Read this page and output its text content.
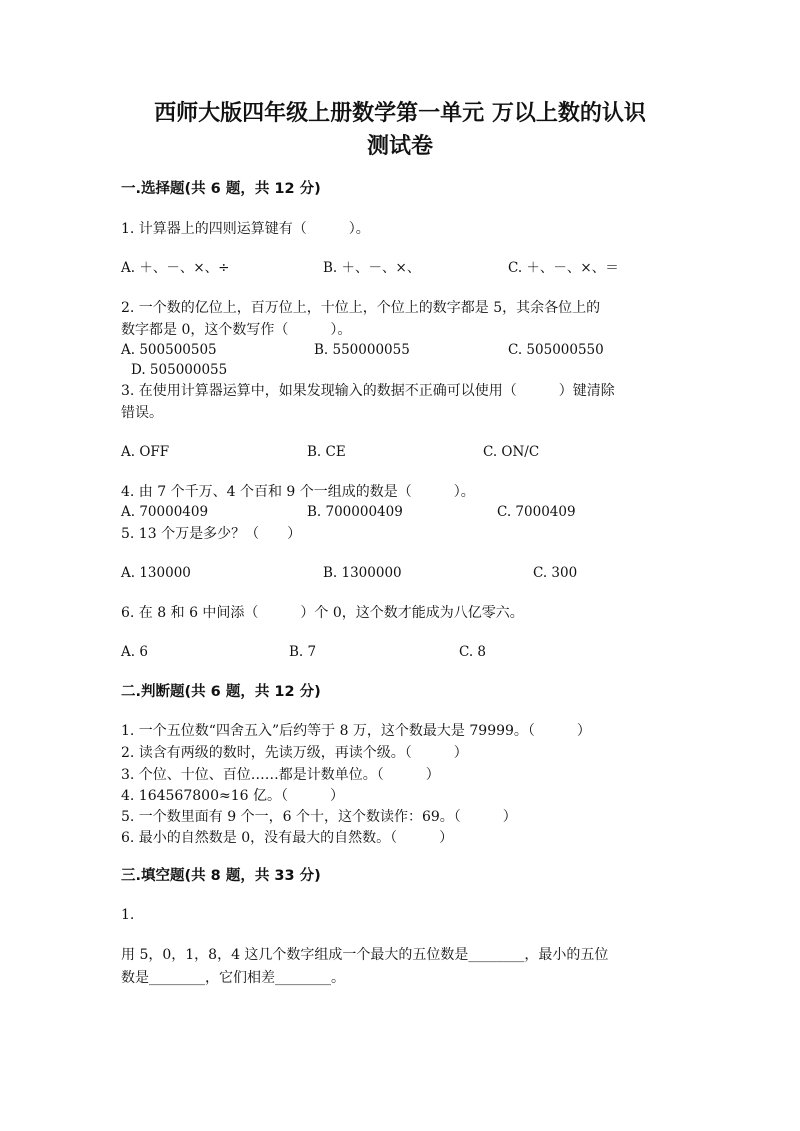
西师大版四年级上册数学第一单元 万以上数的认识
测试卷
一.选择题(共 6 题，共 12 分)
1. 计算器上的四则运算键有（　　　）。
A. ＋、－、×、÷	B. ＋、－、×、	C. ＋、－、×、＝
2. 一个数的亿位上，百万位上，十位上，个位上的数字都是 5，其余各位上的
数字都是 0，这个数写作（　　　）。
A. 500500505	B. 550000055	C. 505000550
D. 505000055
3. 在使用计算器运算中，如果发现输入的数据不正确可以使用（　　　）键清除
错误。
A. OFF	B. CE	C. ON/C
4. 由 7 个千万、4 个百和 9 个一组成的数是（　　　）。
A. 70000409	B. 700000409	C. 7000409
5. 13 个万是多少？（　　）
A. 130000	B. 1300000	C. 300
6. 在 8 和 6 中间添（　　　）个 0，这个数才能成为八亿零六。
A. 6	B. 7	C. 8
二.判断题(共 6 题，共 12 分)
1. 一个五位数“四舍五入”后约等于 8 万，这个数最大是 79999。（　　　）
2. 读含有两级的数时，先读万级，再读个级。（　　　）
3. 个位、十位、百位……都是计数单位。（　　　）
4. 164567800≈16 亿。（　　　）
5. 一个数里面有 9 个一，6 个十，这个数读作：69。（　　　）
6. 最小的自然数是 0，没有最大的自然数。（　　　）
三.填空题(共 8 题，共 33 分)
1.
用 5，0，1，8，4 这几个数字组成一个最大的五位数是________，最小的五位
数是________，它们相差________。
